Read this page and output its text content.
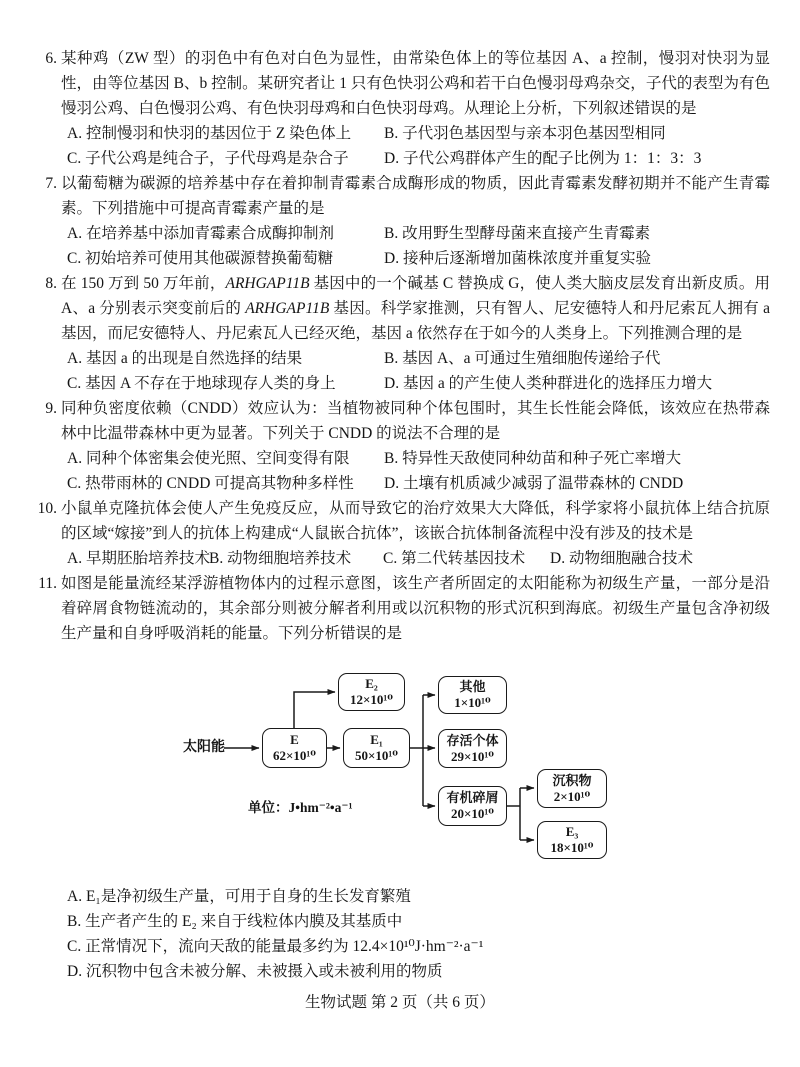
6. 某种鸡（ZW 型）的羽色中有色对白色为显性，由常染色体上的等位基因 A、a 控制，慢羽对快羽为显性，由等位基因 B、b 控制。某研究者让 1 只有色快羽公鸡和若干白色慢羽母鸡杂交，子代的表型为有色慢羽公鸡、白色慢羽公鸡、有色快羽母鸡和白色快羽母鸡。从理论上分析，下列叙述错误的是

A. 控制慢羽和快羽的基因位于 Z 染色体上	B. 子代羽色基因型与亲本羽色基因型相同
C. 子代公鸡是纯合子，子代母鸡是杂合子	D. 子代公鸡群体产生的配子比例为 1：1：3：3
7. 以葡萄糖为碳源的培养基中存在着抑制青霉素合成酶形成的物质，因此青霉素发酵初期并不能产生青霉素。下列措施中可提高青霉素产量的是

A. 在培养基中添加青霉素合成酶抑制剂	B. 改用野生型酵母菌来直接产生青霉素
C. 初始培养可使用其他碳源替换葡萄糖	D. 接种后逐渐增加菌株浓度并重复实验
8. 在 150 万到 50 万年前，ARHGAP11B 基因中的一个碱基 C 替换成 G，使人类大脑皮层发育出新皮质。用 A、a 分别表示突变前后的 ARHGAP11B 基因。科学家推测，只有智人、尼安德特人和丹尼索瓦人拥有 a 基因，而尼安德特人、丹尼索瓦人已经灭绝，基因 a 依然存在于如今的人类身上。下列推测合理的是

A. 基因 a 的出现是自然选择的结果	B. 基因 A、a 可通过生殖细胞传递给子代
C. 基因 A 不存在于地球现存人类的身上	D. 基因 a 的产生使人类种群进化的选择压力增大
9. 同种负密度依赖（CNDD）效应认为：当植物被同种个体包围时，其生长性能会降低，该效应在热带森林中比温带森林中更为显著。下列关于 CNDD 的说法不合理的是

A. 同种个体密集会使光照、空间变得有限	B. 特异性天敌使同种幼苗和种子死亡率增大
C. 热带雨林的 CNDD 可提高其物种多样性	D. 土壤有机质减少减弱了温带森林的 CNDD
10. 小鼠单克隆抗体会使人产生免疫反应，从而导致它的治疗效果大大降低，科学家将小鼠抗体上结合抗原的区域“嫁接”到人的抗体上构建成“人鼠嵌合抗体”，该嵌合抗体制备流程中没有涉及的技术是

A. 早期胚胎培养技术 B. 动物细胞培养技术	C. 第二代转基因技术	D. 动物细胞融合技术
11. 如图是能量流经某浮游植物体内的过程示意图，该生产者所固定的太阳能称为初级生产量，一部分是沿着碎屑食物链流动的，其余部分则被分解者利用或以沉积物的形式沉积到海底。初级生产量包含净初级生产量和自身呼吸消耗的能量。下列分析错误的是

太阳能
E
62×10¹⁰
E₂
12×10¹⁰
E₁
50×10¹⁰
其他
1×10¹⁰
存活个体
29×10¹⁰
有机碎屑
20×10¹⁰
沉积物
2×10¹⁰
E₃
18×10¹⁰
单位：J•hm⁻²•a⁻¹
A. E₁是净初级生产量，可用于自身的生长发育繁殖
B. 生产者产生的 E₂ 来自于线粒体内膜及其基质中
C. 正常情况下，流向天敌的能量最多约为 12.4×10¹⁰J·hm⁻²·a⁻¹
D. 沉积物中包含未被分解、未被摄入或未被利用的物质
生物试题 第 2 页（共 6 页）
